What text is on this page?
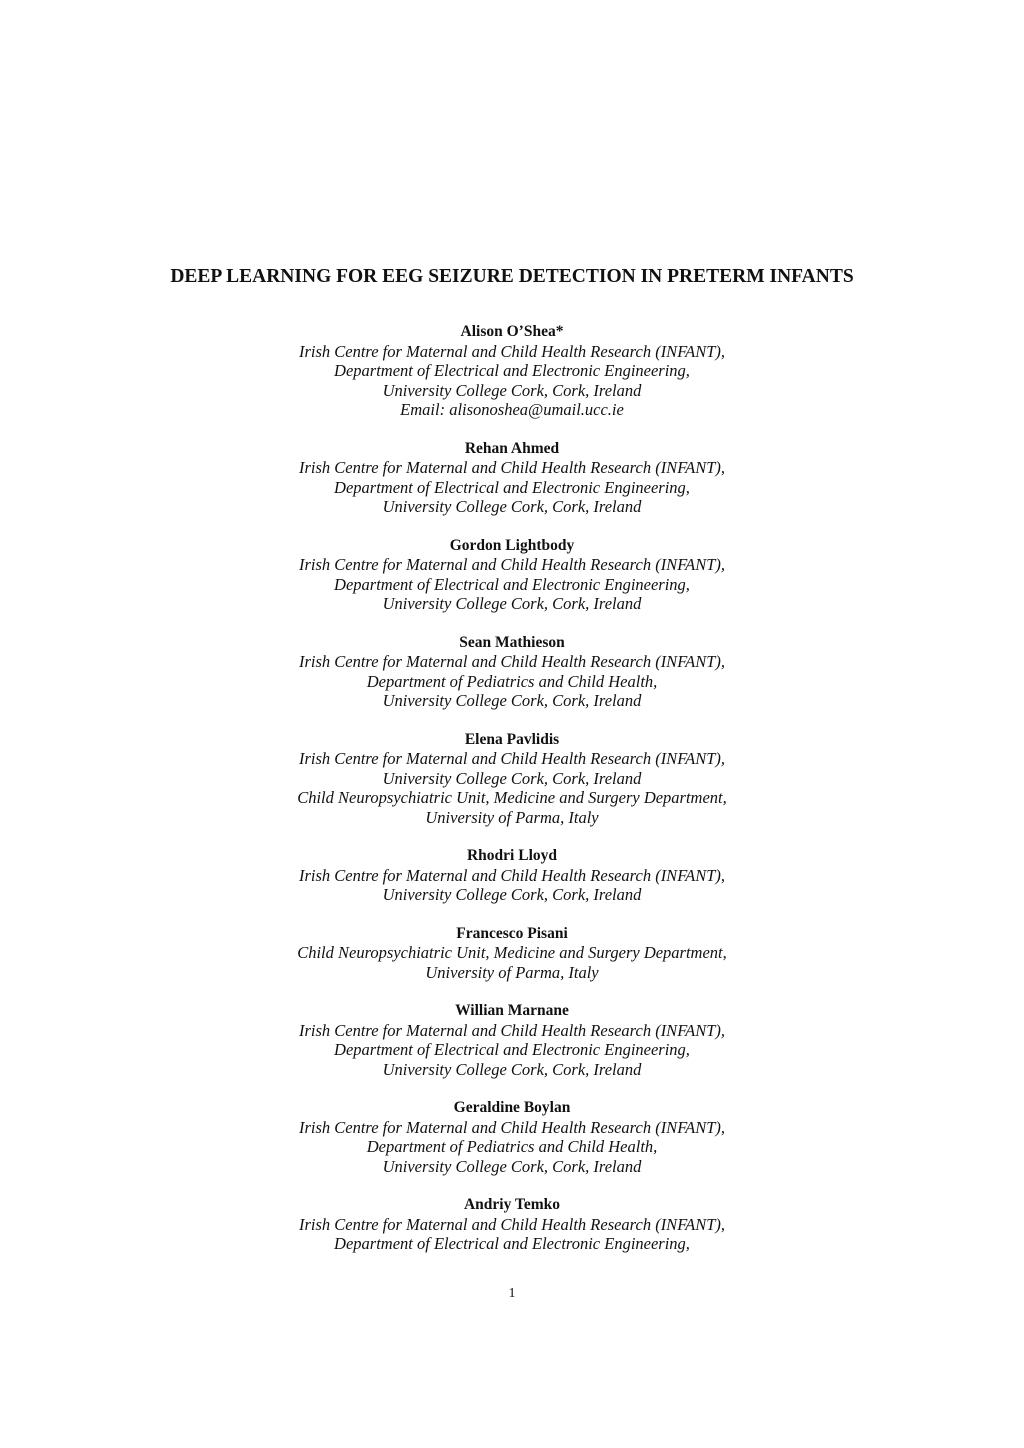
DEEP LEARNING FOR EEG SEIZURE DETECTION IN PRETERM INFANTS
Alison O’Shea*
Irish Centre for Maternal and Child Health Research (INFANT),
Department of Electrical and Electronic Engineering,
University College Cork, Cork, Ireland
Email: alisonoshea@umail.ucc.ie
Rehan Ahmed
Irish Centre for Maternal and Child Health Research (INFANT),
Department of Electrical and Electronic Engineering,
University College Cork, Cork, Ireland
Gordon Lightbody
Irish Centre for Maternal and Child Health Research (INFANT),
Department of Electrical and Electronic Engineering,
University College Cork, Cork, Ireland
Sean Mathieson
Irish Centre for Maternal and Child Health Research (INFANT),
Department of Pediatrics and Child Health,
University College Cork, Cork, Ireland
Elena Pavlidis
Irish Centre for Maternal and Child Health Research (INFANT),
University College Cork, Cork, Ireland
Child Neuropsychiatric Unit, Medicine and Surgery Department,
University of Parma, Italy
Rhodri Lloyd
Irish Centre for Maternal and Child Health Research (INFANT),
University College Cork, Cork, Ireland
Francesco Pisani
Child Neuropsychiatric Unit, Medicine and Surgery Department,
University of Parma, Italy
Willian Marnane
Irish Centre for Maternal and Child Health Research (INFANT),
Department of Electrical and Electronic Engineering,
University College Cork, Cork, Ireland
Geraldine Boylan
Irish Centre for Maternal and Child Health Research (INFANT),
Department of Pediatrics and Child Health,
University College Cork, Cork, Ireland
Andriy Temko
Irish Centre for Maternal and Child Health Research (INFANT),
Department of Electrical and Electronic Engineering,
1
